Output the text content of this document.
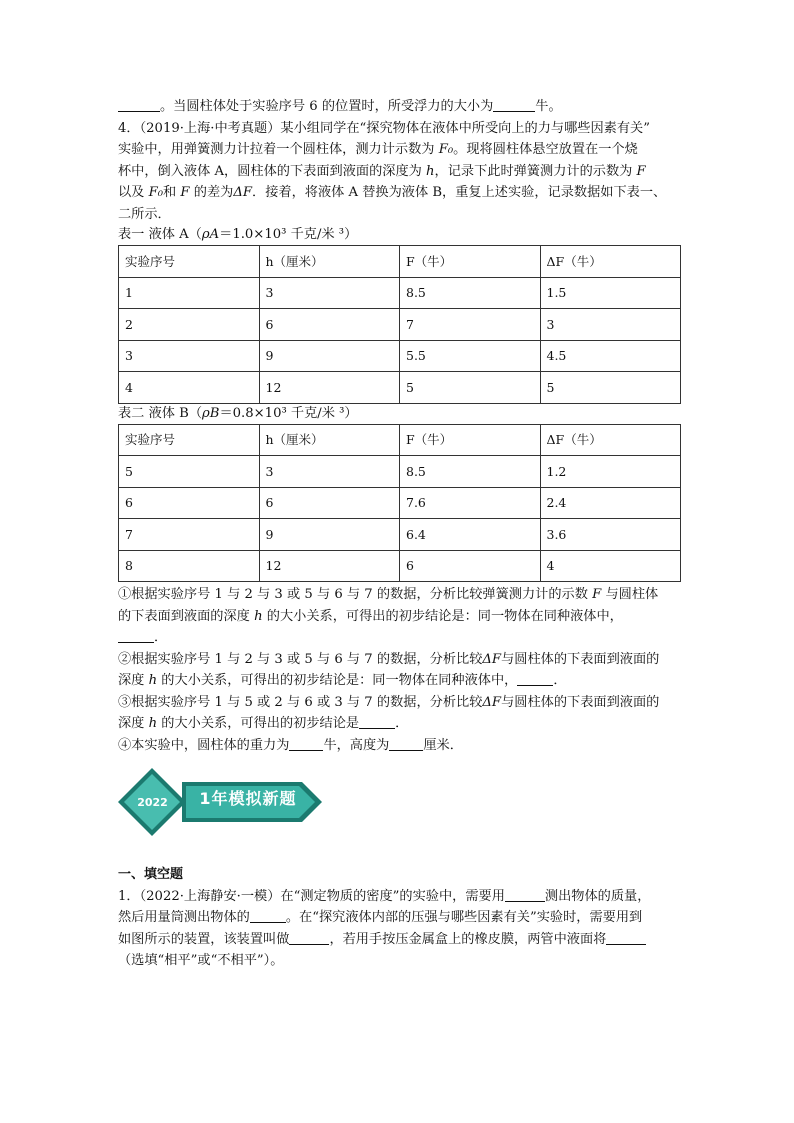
。当圆柱体处于实验序号 6 的位置时，所受浮力的大小为	牛。

4．（2019·上海·中考真题）某小组同学在“探究物体在液体中所受向上的力与哪些因素有关”
实验中，用弹簧测力计拉着一个圆柱体，测力计示数为 F₀。现将圆柱体悬空放置在一个烧
杯中，倒入液体 A，圆柱体的下表面到液面的深度为 h，记录下此时弹簧测力计的示数为 F
以及 F₀和 F 的差为ΔF．接着，将液体 A 替换为液体 B，重复上述实验，记录数据如下表一、
二所示．

表一 液体 A（ρA＝1.0×10³ 千克/米 ³）

实验序号	h（厘米）	F（牛）	ΔF（牛）
1	3	8.5	1.5
2	6	7	3
3	9	5.5	4.5
4	12	5	5

表二 液体 B（ρB＝0.8×10³ 千克/米 ³）

实验序号	h（厘米）	F（牛）	ΔF（牛）
5	3	8.5	1.2
6	6	7.6	2.4
7	9	6.4	3.6
8	12	6	4

①根据实验序号 1 与 2 与 3 或 5 与 6 与 7 的数据，分析比较弹簧测力计的示数 F 与圆柱体
的下表面到液面的深度 h 的大小关系，可得出的初步结论是：同一物体在同种液体中，
．
②根据实验序号 1 与 2 与 3 或 5 与 6 与 7 的数据，分析比较ΔF与圆柱体的下表面到液面的
深度 h 的大小关系，可得出的初步结论是：同一物体在同种液体中，	．
③根据实验序号 1 与 5 或 2 与 6 或 3 与 7 的数据，分析比较ΔF与圆柱体的下表面到液面的
深度 h 的大小关系，可得出的初步结论是	．
④本实验中，圆柱体的重力为	牛，高度为	厘米．

2022	1年模拟新题

一、填空题

1．（2022·上海静安·一模）在“测定物质的密度”的实验中，需要用	测出物体的质量，
然后用量筒测出物体的	。在“探究液体内部的压强与哪些因素有关”实验时，需要用到
如图所示的装置，该装置叫做	，若用手按压金属盒上的橡皮膜，两管中液面将
（选填“相平”或“不相平”）。
